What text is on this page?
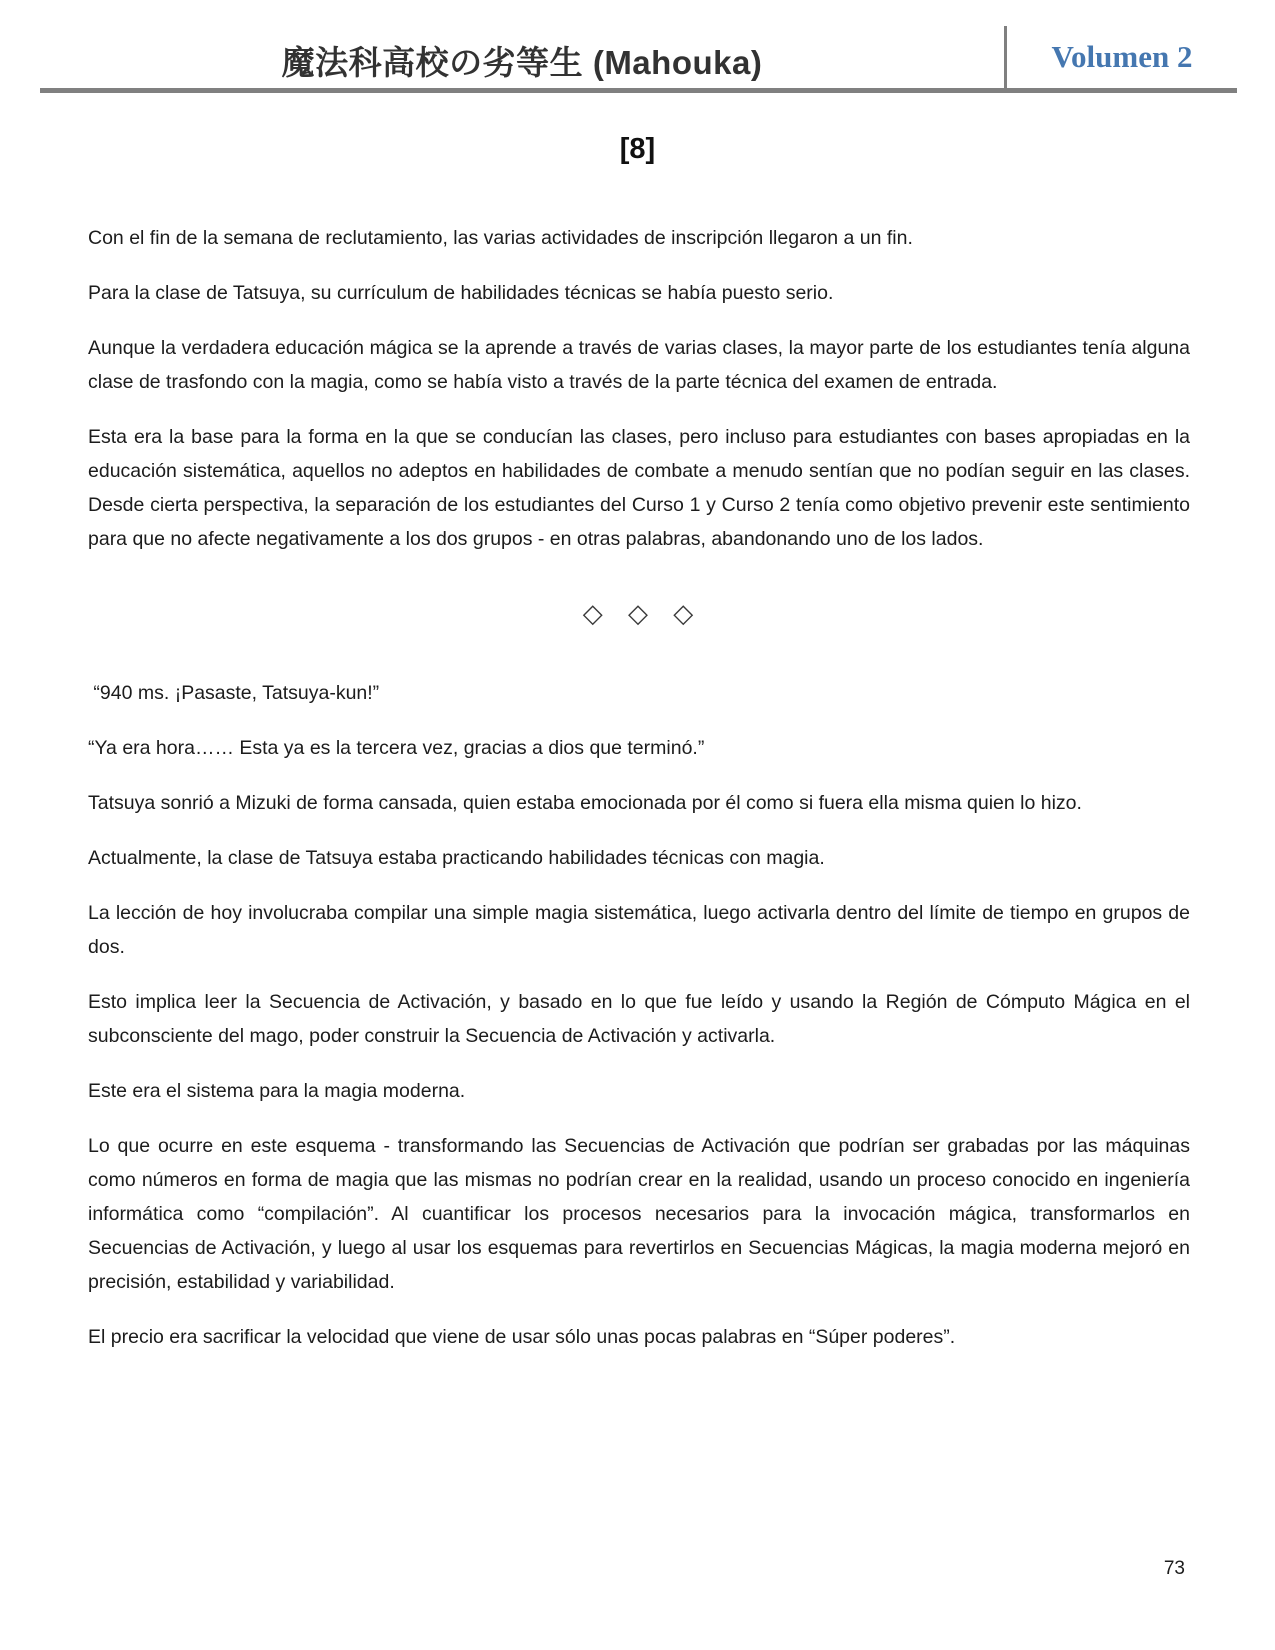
魔法科高校の劣等生 (Mahouka)	Volumen 2
[8]

Con el fin de la semana de reclutamiento, las varias actividades de inscripción llegaron a un fin.

Para la clase de Tatsuya, su currículum de habilidades técnicas se había puesto serio.

Aunque la verdadera educación mágica se la aprende a través de varias clases, la mayor parte de los estudiantes tenía alguna clase de trasfondo con la magia, como se había visto a través de la parte técnica del examen de entrada.

Esta era la base para la forma en la que se conducían las clases, pero incluso para estudiantes con bases apropiadas en la educación sistemática, aquellos no adeptos en habilidades de combate a menudo sentían que no podían seguir en las clases. Desde cierta perspectiva, la separación de los estudiantes del Curso 1 y Curso 2 tenía como objetivo prevenir este sentimiento para que no afecte negativamente a los dos grupos - en otras palabras, abandonando uno de los lados.

◇ ◇ ◇

“940 ms. ¡Pasaste, Tatsuya-kun!”

“Ya era hora…… Esta ya es la tercera vez, gracias a dios que terminó.”

Tatsuya sonrió a Mizuki de forma cansada, quien estaba emocionada por él como si fuera ella misma quien lo hizo.

Actualmente, la clase de Tatsuya estaba practicando habilidades técnicas con magia.

La lección de hoy involucraba compilar una simple magia sistemática, luego activarla dentro del límite de tiempo en grupos de dos.

Esto implica leer la Secuencia de Activación, y basado en lo que fue leído y usando la Región de Cómputo Mágica en el subconsciente del mago, poder construir la Secuencia de Activación y activarla.

Este era el sistema para la magia moderna.

Lo que ocurre en este esquema - transformando las Secuencias de Activación que podrían ser grabadas por las máquinas como números en forma de magia que las mismas no podrían crear en la realidad, usando un proceso conocido en ingeniería informática como “compilación”. Al cuantificar los procesos necesarios para la invocación mágica, transformarlos en Secuencias de Activación, y luego al usar los esquemas para revertirlos en Secuencias Mágicas, la magia moderna mejoró en precisión, estabilidad y variabilidad.

El precio era sacrificar la velocidad que viene de usar sólo unas pocas palabras en “Súper poderes”.

73
